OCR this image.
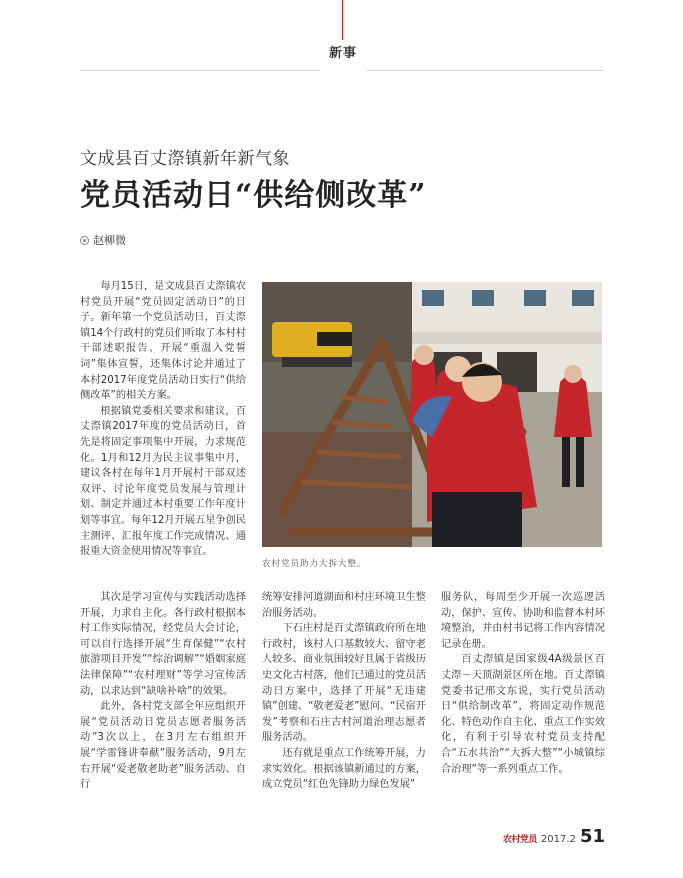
新事
文成县百丈漈镇新年新气象
党员活动日“供给侧改革”
赵柳微

每月15日，是文成县百丈漈镇农村党员开展“党员固定活动日”的日子。新年第一个党员活动日，百丈漈镇14个行政村的党员们听取了本村村干部述职报告、开展“重温入党誓词”集体宣誓，还集体讨论并通过了本村2017年度党员活动日实行“供给侧改革”的相关方案。

根据镇党委相关要求和建议，百丈漈镇2017年度的党员活动日，首先是将固定事项集中开展，力求规范化。1月和12月为民主议事集中月，建议各村在每年1月开展村干部双述双评、讨论年度党员发展与管理计划、制定并通过本村重要工作年度计划等事宜。每年12月开展五星争创民主测评、汇报年度工作完成情况、通报重大资金使用情况等事宜。

农村党员助力大拆大整。

其次是学习宣传与实践活动选择开展，力求自主化。各行政村根据本村工作实际情况，经党员大会讨论，可以自行选择开展“生育保健”“农村旅游项目开发”“综治调解”“婚姻家庭法律保障”“农村理财”等学习宣传活动，以求达到“缺啥补啥”的效果。

此外，各村党支部全年应组织开展“党员活动日党员志愿者服务活动”3次以上，在3月左右组织开展“学雷锋讲奉献”服务活动，9月左右开展“爱老敬老助老”服务活动、自行

统筹安排河道湖面和村庄环境卫生整治服务活动。

下石庄村是百丈漈镇政府所在地行政村，该村人口基数较大、留守老人较多、商业氛围较好且属于省级历史文化古村落，他们已通过的党员活动日方案中，选择了开展“无违建镇”创建、“敬老爱老”慰问、“民宿开发”考察和石庄古村河道治理志愿者服务活动。

还有就是重点工作统筹开展，力求实效化。根据该镇新通过的方案，成立党员“红色先锋助力绿色发展”

服务队，每周至少开展一次巡逻活动，保护、宣传、协助和监督本村环境整治，并由村书记将工作内容情况记录在册。

百丈漈镇是国家级4A级景区百丈漈－天顶湖景区所在地。百丈漈镇党委书记邢文东说，实行党员活动日“供给制改革”，将固定动作规范化、特色动作自主化、重点工作实效化，有利于引导农村党员支持配合“五水共治”“大拆大整”“小城镇综合治理”等一系列重点工作。

农村党员 2017.2 51
